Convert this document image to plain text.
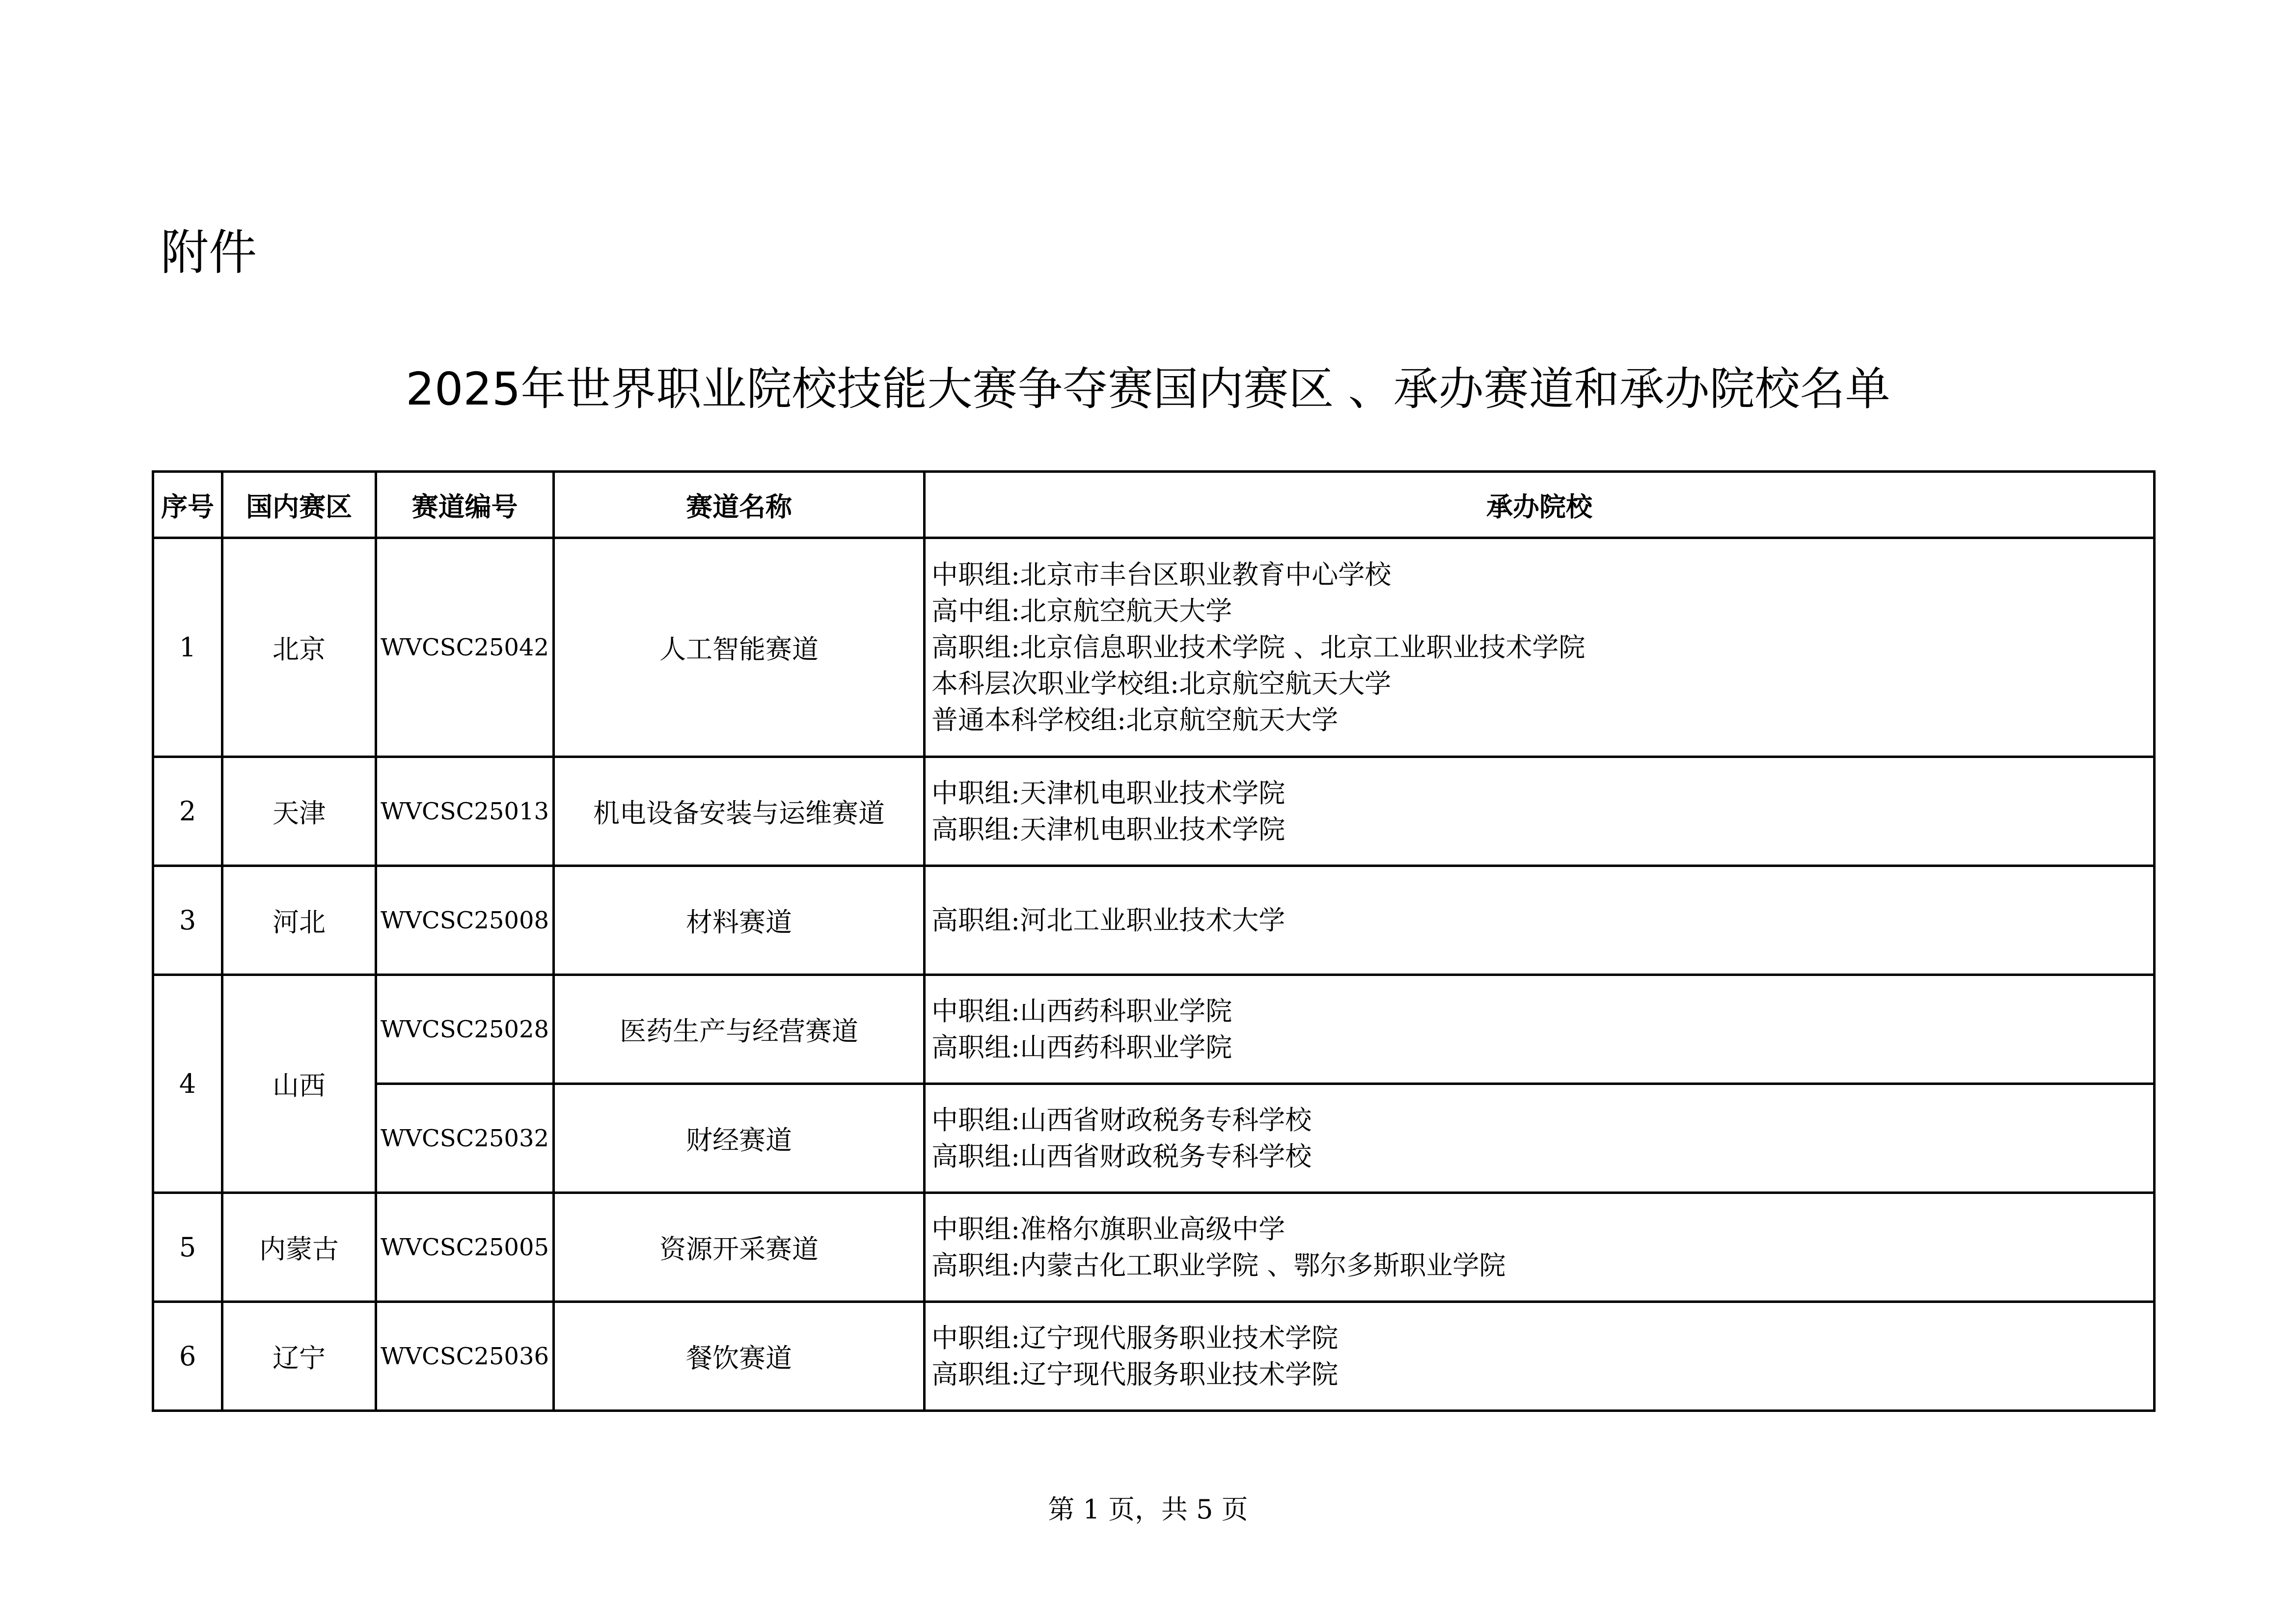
附件
2025年世界职业院校技能大赛争夺赛国内赛区 、承办赛道和承办院校名单
序号	国内赛区	赛道编号	赛道名称	承办院校
1	北京	WVCSC25042	人工智能赛道	中职组:北京市丰台区职业教育中心学校
高中组:北京航空航天大学
高职组:北京信息职业技术学院 、北京工业职业技术学院
本科层次职业学校组:北京航空航天大学
普通本科学校组:北京航空航天大学

2	天津	WVCSC25013	机电设备安装与运维赛道	中职组:天津机电职业技术学院
高职组:天津机电职业技术学院

3	河北	WVCSC25008	材料赛道	高职组:河北工业职业技术大学

4	山西	WVCSC25028	医药生产与经营赛道	中职组:山西药科职业学院
高职组:山西药科职业学院

		WVCSC25032	财经赛道	中职组:山西省财政税务专科学校
高职组:山西省财政税务专科学校

5	内蒙古	WVCSC25005	资源开采赛道	中职组:准格尔旗职业高级中学
高职组:内蒙古化工职业学院 、鄂尔多斯职业学院

6	辽宁	WVCSC25036	餐饮赛道	中职组:辽宁现代服务职业技术学院
高职组:辽宁现代服务职业技术学院
第 1 页，共 5 页
